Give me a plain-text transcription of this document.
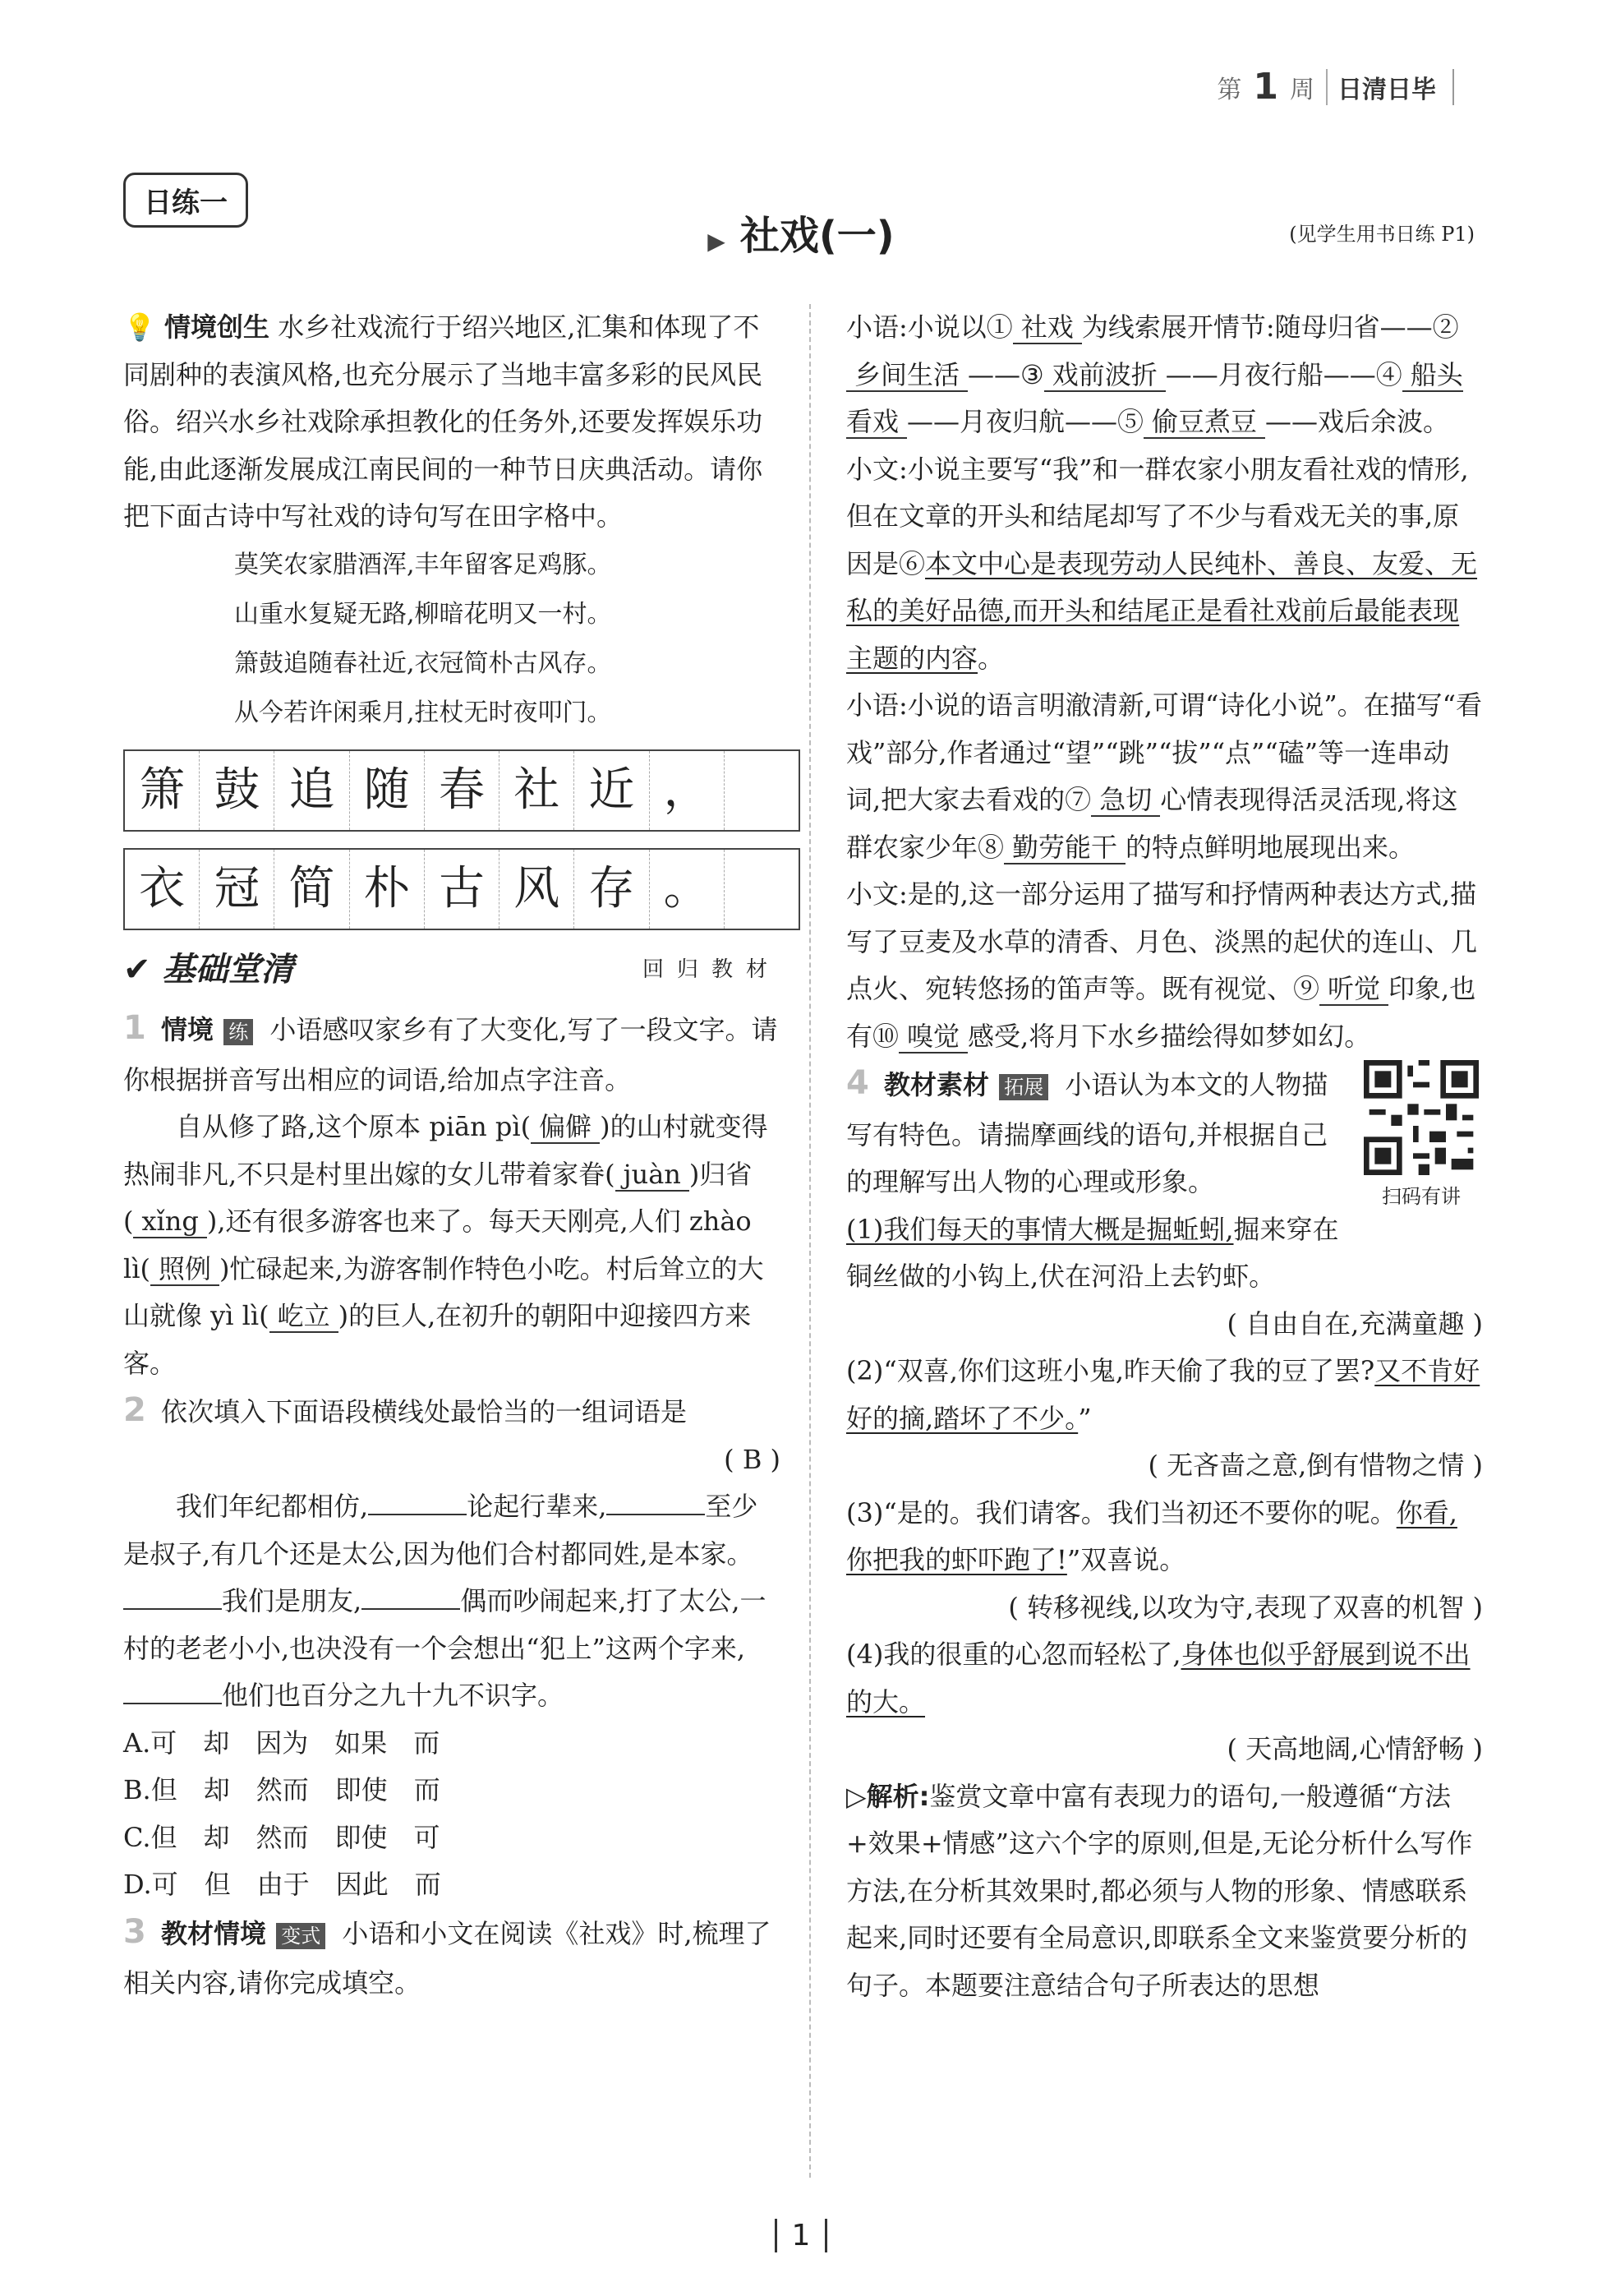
第 1 周 日清日毕
日练一
▶ 社戏(一)	(见学生用书日练 P1)

💡 情境创生 水乡社戏流行于绍兴地区,汇集和体现了不同剧种的表演风格,也充分展示了当地丰富多彩的民风民俗。绍兴水乡社戏除承担教化的任务外,还要发挥娱乐功能,由此逐渐发展成江南民间的一种节日庆典活动。请你把下面古诗中写社戏的诗句写在田字格中。

莫笑农家腊酒浑,丰年留客足鸡豚。

山重水复疑无路,柳暗花明又一村。

箫鼓追随春社近,衣冠简朴古风存。

从今若许闲乘月,拄杖无时夜叩门。

箫 鼓 追 随 春 社 近 ，
衣 冠 简 朴 古 风 存 。
✔ 基础堂清	回归教材

1 情境 练 小语感叹家乡有了大变化,写了一段文字。请你根据拼音写出相应的词语,给加点字注音。

自从修了路,这个原本 piān pì( 偏僻 )的山村就变得热闹非凡,不只是村里出嫁的女儿带着家眷( juàn )归省( xǐng ),还有很多游客也来了。每天天刚亮,人们 zhào lì( 照例 )忙碌起来,为游客制作特色小吃。村后耸立的大山就像 yì lì( 屹立 )的巨人,在初升的朝阳中迎接四方来客。

2 依次填入下面语段横线处最恰当的一组词语是

( B )

我们年纪都相仿,	论起行辈来,	至少是叔子,有几个还是太公,因为他们合村都同姓,是本家。我们是朋友,	偶而吵闹起来,打了太公,一村的老老小小,也决没有一个会想出“犯上”这两个字来,他们也百分之九十九不识字。

A.可　却　因为　如果　而

B.但　却　然而　即使　而

C.但　却　然而　即使　可

D.可　但　由于　因此　而

3 教材情境 变式 小语和小文在阅读《社戏》时,梳理了相关内容,请你完成填空。

小语:小说以① 社戏 为线索展开情节:随母归省——②乡间生活 ——③ 戏前波折 ——月夜行船——④ 船头看戏 ——月夜归航——⑤ 偷豆煮豆 ——戏后余波。

小文:小说主要写“我”和一群农家小朋友看社戏的情形,但在文章的开头和结尾却写了不少与看戏无关的事,原因是⑥本文中心是表现劳动人民纯朴、善良、友爱、无私的美好品德,而开头和结尾正是看社戏前后最能表现主题的内容。

小语:小说的语言明澈清新,可谓“诗化小说”。在描写“看戏”部分,作者通过“望”“跳”“拔”“点”“磕”等一连串动词,把大家去看戏的⑦ 急切 心情表现得活灵活现,将这群农家少年⑧ 勤劳能干 的特点鲜明地展现出来。

小文:是的,这一部分运用了描写和抒情两种表达方式,描写了豆麦及水草的清香、月色、淡黑的起伏的连山、几点火、宛转悠扬的笛声等。既有视觉、⑨ 听觉 印象,也有⑩ 嗅觉 感受,将月下水乡描绘得如梦如幻。

扫码有讲

4 教材素材 拓展 小语认为本文的人物描写有特色。请揣摩画线的语句,并根据自己的理解写出人物的心理或形象。

(1)我们每天的事情大概是掘蚯蚓,掘来穿在铜丝做的小钩上,伏在河沿上去钓虾。

( 自由自在,充满童趣 )

(2)“双喜,你们这班小鬼,昨天偷了我的豆了罢?又不肯好好的摘,踏坏了不少。”

( 无吝啬之意,倒有惜物之情 )

(3)“是的。我们请客。我们当初还不要你的呢。你看,你把我的虾吓跑了!”双喜说。

( 转移视线,以攻为守,表现了双喜的机智 )

(4)我的很重的心忽而轻松了,身体也似乎舒展到说不出的大。

( 天高地阔,心情舒畅 )

▷解析:鉴赏文章中富有表现力的语句,一般遵循“方法+效果+情感”这六个字的原则,但是,无论分析什么写作方法,在分析其效果时,都必须与人物的形象、情感联系起来,同时还要有全局意识,即联系全文来鉴赏要分析的句子。本题要注意结合句子所表达的思想

1
